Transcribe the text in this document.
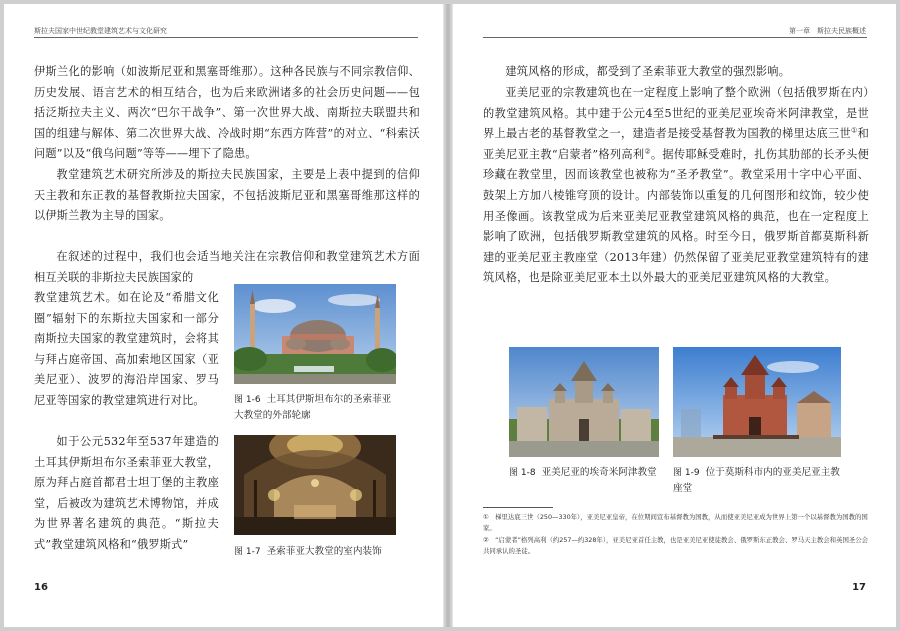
斯拉夫国家中世纪教堂建筑艺术与文化研究

伊斯兰化的影响（如波斯尼亚和黑塞哥维那）。这种各民族与不同宗教信仰、历史发展、语言艺术的相互结合，也为后来欧洲诸多的社会历史问题——包括泛斯拉夫主义、两次“巴尔干战争”、第一次世界大战、南斯拉夫联盟共和国的组建与解体、第二次世界大战、冷战时期“东西方阵营”的对立、“科索沃问题”以及“俄乌问题”等等——埋下了隐患。

教堂建筑艺术研究所涉及的斯拉夫民族国家，主要是上表中提到的信仰天主教和东正教的基督教斯拉夫国家，不包括波斯尼亚和黑塞哥维那这样的以伊斯兰教为主导的国家。

在叙述的过程中，我们也会适当地关注在宗教信仰和教堂建筑艺术方面相互关联的非斯拉夫民族国家的

教堂建筑艺术。如在论及“希腊文化圈”辐射下的东斯拉夫国家和一部分南斯拉夫国家的教堂建筑时，会将其与拜占庭帝国、高加索地区国家（亚美尼亚）、波罗的海沿岸国家、罗马尼亚等国家的教堂建筑进行对比。

如于公元532年至537年建造的土耳其伊斯坦布尔圣索菲亚大教堂，原为拜占庭首都君士坦丁堡的主教座堂，后被改为建筑艺术博物馆，并成为世界著名建筑的典范。“斯拉夫式”教堂建筑风格和“俄罗斯式”

图 1-6 土耳其伊斯坦布尔的圣索菲亚大教堂的外部轮廓
图 1-7 圣索菲亚大教堂的室内装饰
16
第一章　斯拉夫民族概述

建筑风格的形成，都受到了圣索菲亚大教堂的强烈影响。

亚美尼亚的宗教建筑也在一定程度上影响了整个欧洲（包括俄罗斯在内）的教堂建筑风格。其中建于公元4至5世纪的亚美尼亚埃奇米阿津教堂，是世界上最古老的基督教堂之一，建造者是接受基督教为国教的梯里达底三世①和亚美尼亚主教“启蒙者”格列高利②。据传耶稣受难时，扎伤其肋部的长矛头便珍藏在教堂里，因而该教堂也被称为“圣矛教堂”。教堂采用十字中心平面、鼓架上方加八棱锥穹顶的设计。内部装饰以重复的几何图形和纹饰，较少使用圣像画。该教堂成为后来亚美尼亚教堂建筑风格的典范，也在一定程度上影响了欧洲，包括俄罗斯教堂建筑的风格。时至今日，俄罗斯首都莫斯科新建的亚美尼亚主教座堂（2013年建）仍然保留了亚美尼亚教堂建筑特有的建筑风格，也是除亚美尼亚本土以外最大的亚美尼亚建筑风格的大教堂。

图 1-8 亚美尼亚的埃奇米阿津教堂	图 1-9 位于莫斯科市内的亚美尼亚主教座堂
①　梯里达底三世（250—330年），亚美尼亚皇帝，在位期间宣布基督教为国教，从而使亚美尼亚成为世界上第一个以基督教为国教的国家。
②　“启蒙者”格列高利（约257—约328年），亚美尼亚首任主教，也是亚美尼亚使徒教会、俄罗斯东正教会、罗马天主教会和英国圣公会共同承认的圣徒。
17
